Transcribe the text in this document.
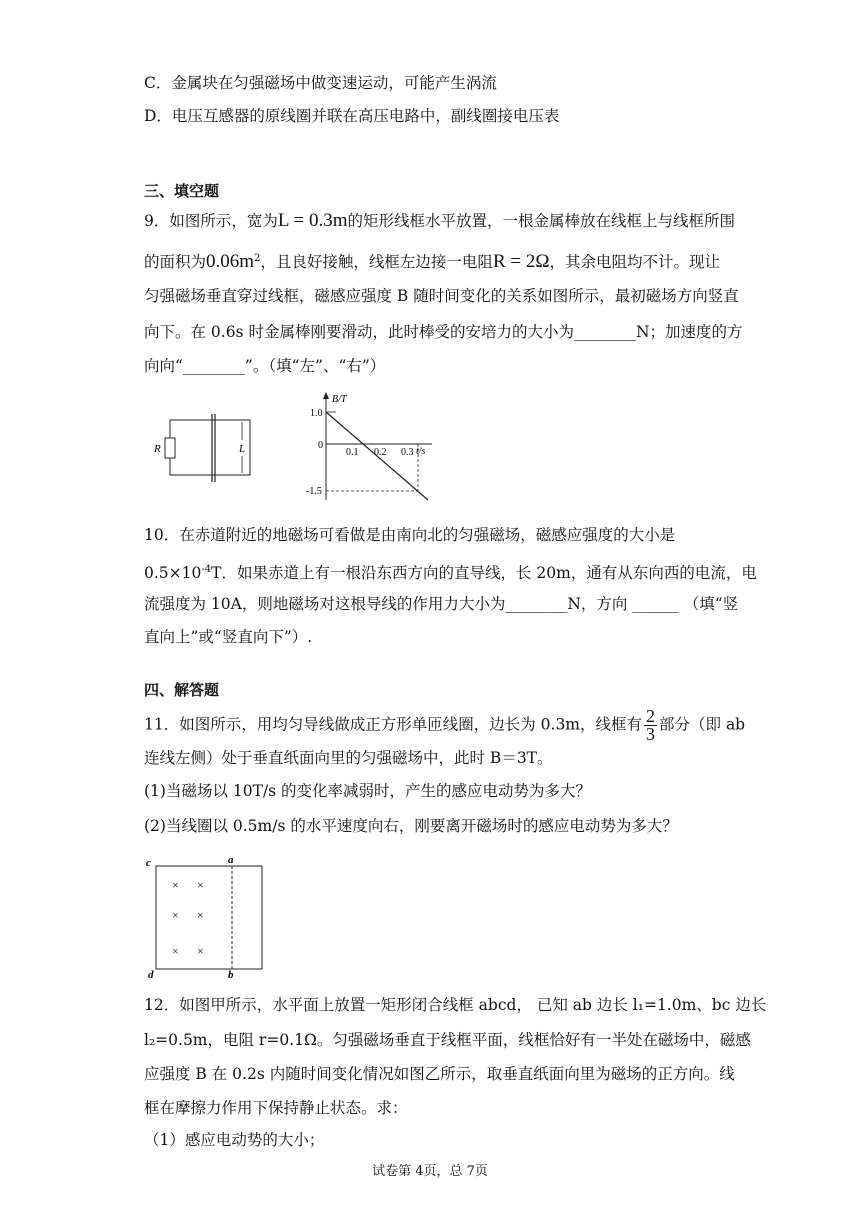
C．金属块在匀强磁场中做变速运动，可能产生涡流
D．电压互感器的原线圈并联在高压电路中，副线圈接电压表
三、填空题
9．如图所示，宽为L = 0.3m的矩形线框水平放置，一根金属棒放在线框上与线框所围
的面积为$0.06m^2$，且良好接触，线框左边接一电阻R = 2Ω，其余电阻均不计。现让
匀强磁场垂直穿过线框，磁感应强度 B 随时间变化的关系如图所示，最初磁场方向竖直
向下。在 0.6s 时金属棒刚要滑动，此时棒受的安培力的大小为________N；加速度的方
向向“________”。（填“左”、“右”）
R	L
B/T
t/s
1.0
0
-1.5
0.1 0.2 0.3
10．在赤道附近的地磁场可看做是由南向北的匀强磁场，磁感应强度的大小是
$0.5\times 10^{-4}T$．如果赤道上有一根沿东西方向的直导线，长 20m，通有从东向西的电流，电
流强度为 10A，则地磁场对这根导线的作用力大小为________N，方向 ______ （填“竖
直向上”或“竖直向下”）.
四、解答题
11．如图所示，用均匀导线做成正方形单匝线圈，边长为 0.3m，线框有 $\frac{2}{3}$ 部分（即 ab
连线左侧）处于垂直纸面向里的匀强磁场中，此时 B＝3T。
(1)当磁场以 10T/s 的变化率减弱时，产生的感应电动势为多大？
(2)当线圈以 0.5m/s 的水平速度向右，刚要离开磁场时的感应电动势为多大？
c	a
d	b
× ×
× ×
× ×
12．如图甲所示，水平面上放置一矩形闭合线框 abcd， 已知 ab 边长 l₁=1.0m、bc 边长
l₂=0.5m，电阻 r=0.1Ω。匀强磁场垂直于线框平面，线框恰好有一半处在磁场中，磁感
应强度 B 在 0.2s 内随时间变化情况如图乙所示，取垂直纸面向里为磁场的正方向。线
框在摩擦力作用下保持静止状态。求：
（1）感应电动势的大小；
试卷第 4页，总 7页
